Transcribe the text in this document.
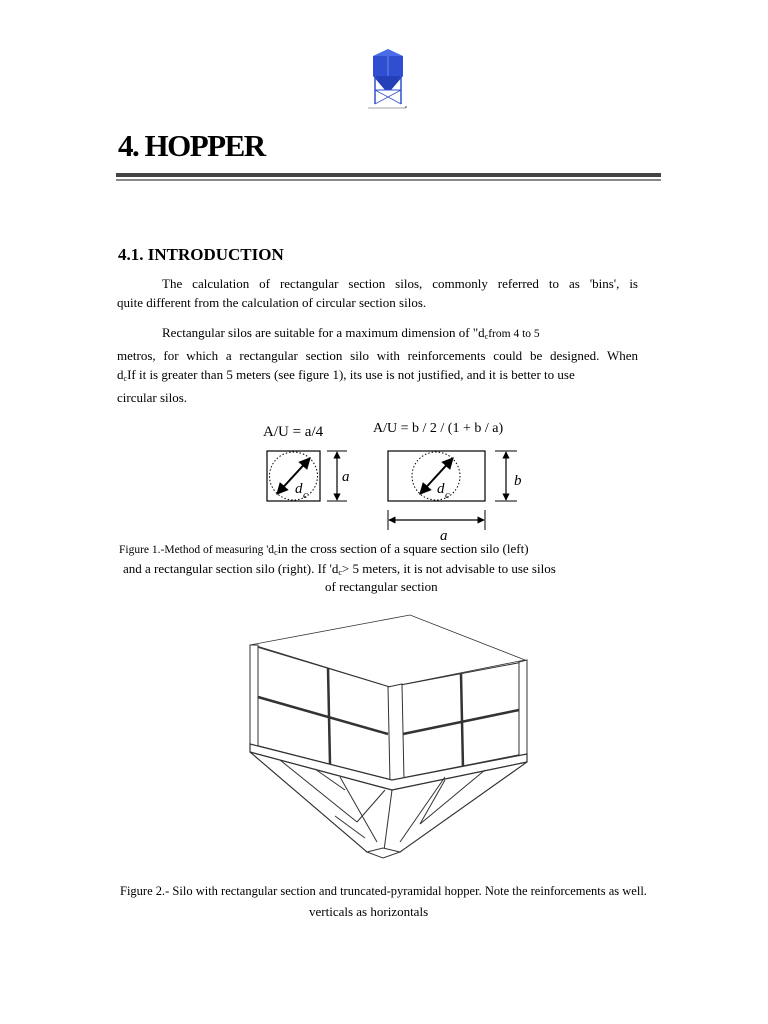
4. HOPPER
4.1. INTRODUCTION
The calculation of rectangular section silos, commonly referred to as 'bins', is
quite different from the calculation of circular section silos.
Rectangular silos are suitable for a maximum dimension of "$d_cfrom$ 4 to 5
metros, for which a rectangular section silo with reinforcements could be designed. When
$d_cIf$ it is greater than 5 meters (see figure 1), its use is not justified, and it is better to use
circular silos.
A/U = a/4	A/U = b / 2 / (1 + b / a)
d c
a
d c
b
a
Figure 1.-Method of measuring '$d_cin$ the cross section of a square section silo (left)
and a rectangular section silo (right). If '$d_c> 5$ meters, it is not advisable to use silos
of rectangular section
Figure 2.- Silo with rectangular section and truncated-pyramidal hopper. Note the reinforcements as well.
verticals as horizontals
